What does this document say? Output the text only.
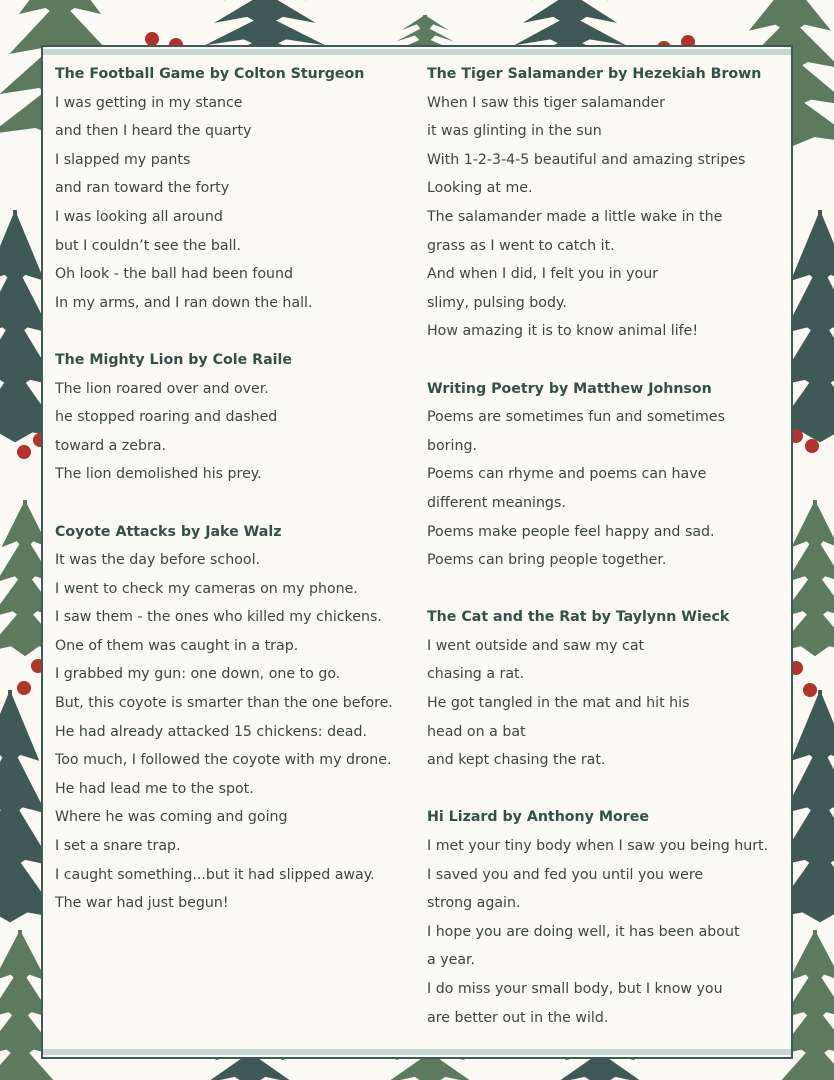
The Football Game by Colton Sturgeon
I was getting in my stance
and then I heard the quarty
I slapped my pants
and ran toward the forty
I was looking all around
but I couldn’t see the ball.
Oh look - the ball had been found
In my arms, and I ran down the hall.
The Mighty Lion by Cole Raile
The lion roared over and over.
he stopped roaring and dashed
toward a zebra.
The lion demolished his prey.
Coyote Attacks by Jake Walz
It was the day before school.
I went to check my cameras on my phone.
I saw them - the ones who killed my chickens.
One of them was caught in a trap.
I grabbed my gun: one down, one to go.
But, this coyote is smarter than the one before.
He had already attacked 15 chickens: dead.
Too much, I followed the coyote with my drone.
He had lead me to the spot.
Where he was coming and going
I set a snare trap.
I caught something...but it had slipped away.
The war had just begun!
The Tiger Salamander by Hezekiah Brown
When I saw this tiger salamander
it was glinting in the sun
With 1-2-3-4-5 beautiful and amazing stripes
Looking at me.
The salamander made a little wake in the
grass as I went to catch it.
And when I did, I felt you in your
slimy, pulsing body.
How amazing it is to know animal life!
Writing Poetry by Matthew Johnson
Poems are sometimes fun and sometimes
boring.
Poems can rhyme and poems can have
different meanings.
Poems make people feel happy and sad.
Poems can bring people together.
The Cat and the Rat by Taylynn Wieck
I went outside and saw my cat
chasing a rat.
He got tangled in the mat and hit his
head on a bat
and kept chasing the rat.
Hi Lizard by Anthony Moree
I met your tiny body when I saw you being hurt.
I saved you and fed you until you were
strong again.
I hope you are doing well, it has been about
a year.
I do miss your small body, but I know you
are better out in the wild.
